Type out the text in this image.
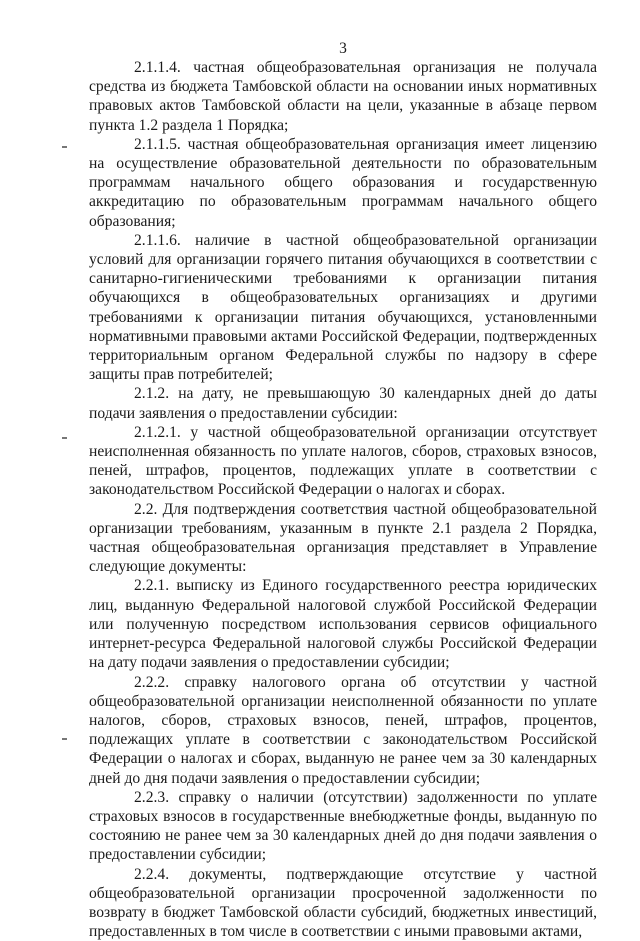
3

2.1.1.4. частная общеобразовательная организация не получала средства из бюджета Тамбовской области на основании иных нормативных правовых актов Тамбовской области на цели, указанные в абзаце первом пункта 1.2 раздела 1 Порядка;

2.1.1.5. частная общеобразовательная организация имеет лицензию на осуществление образовательной деятельности по образовательным программам начального общего образования и государственную аккредитацию по образовательным программам начального общего образования;

2.1.1.6. наличие в частной общеобразовательной организации условий для организации горячего питания обучающихся в соответствии с санитарно-гигиеническими требованиями к организации питания обучающихся в общеобразовательных организациях и другими требованиями к организации питания обучающихся, установленными нормативными правовыми актами Российской Федерации, подтвержденных территориальным органом Федеральной службы по надзору в сфере защиты прав потребителей;

2.1.2. на дату, не превышающую 30 календарных дней до даты подачи заявления о предоставлении субсидии:

2.1.2.1. у частной общеобразовательной организации отсутствует неисполненная обязанность по уплате налогов, сборов, страховых взносов, пеней, штрафов, процентов, подлежащих уплате в соответствии с законодательством Российской Федерации о налогах и сборах.

2.2. Для подтверждения соответствия частной общеобразовательной организации требованиям, указанным в пункте 2.1 раздела 2 Порядка, частная общеобразовательная организация представляет в Управление следующие документы:

2.2.1. выписку из Единого государственного реестра юридических лиц, выданную Федеральной налоговой службой Российской Федерации или полученную посредством использования сервисов официального интернет-ресурса Федеральной налоговой службы Российской Федерации на дату подачи заявления о предоставлении субсидии;

2.2.2. справку налогового органа об отсутствии у частной общеобразовательной организации неисполненной обязанности по уплате налогов, сборов, страховых взносов, пеней, штрафов, процентов, подлежащих уплате в соответствии с законодательством Российской Федерации о налогах и сборах, выданную не ранее чем за 30 календарных дней до дня подачи заявления о предоставлении субсидии;

2.2.3. справку о наличии (отсутствии) задолженности по уплате страховых взносов в государственные внебюджетные фонды, выданную по состоянию не ранее чем за 30 календарных дней до дня подачи заявления о предоставлении субсидии;

2.2.4. документы, подтверждающие отсутствие у частной общеобразовательной организации просроченной задолженности по возврату в бюджет Тамбовской области субсидий, бюджетных инвестиций, предоставленных в том числе в соответствии с иными правовыми актами,
